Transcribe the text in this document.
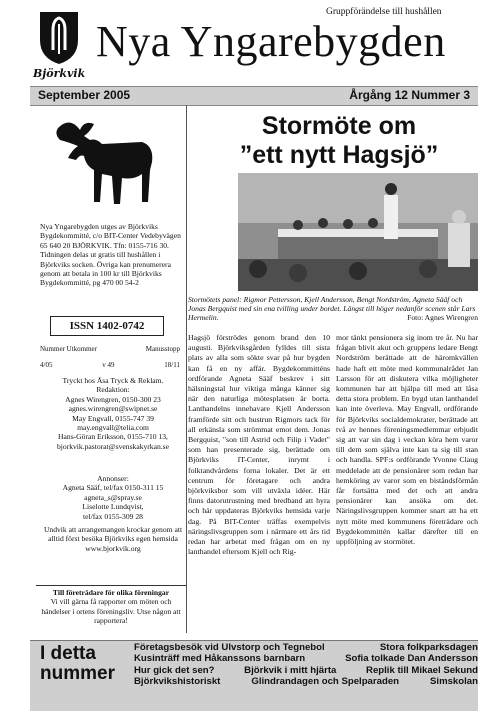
Björkvik
Gruppförändelse till hushållen
Nya Yngarebygden
September 2005	Årgång 12 Nummer 3
Nya Yngarebygden utges av Björkviks Bygdekommitté, c/o BIT-Center Vedebyvägen 65 640 20 BJÖRKVIK. Tfn: 0155-716 30. Tidningen delas ut gratis till hushållen i Björkviks socken. Övriga kan prenumerera genom att betala in 100 kr till Björkviks Bygdekommitté, pg 470 00 54-2
ISSN 1402-0742
Nummer Utkommer	Manusstopp
4/05	v 49	18/11
Tryckt hos Åsa Tryck & Reklam.
Redaktion:
Agnes Wirengren, 0150-300 23
agnes.wirengren@swipnet.se
May Engvall, 0155-747 39
may.engvall@telia.com
Hans-Göran Eriksson, 0155-710 13,
bjorkvik.pastorat@svenskakyrkan.se
Annonser:
Agneta Sääf, tel/fax 0150-311 15
agneta_s@spray.se
Liselotte Lundqvist,
tel/fax 0155-309 28
Undvik att arrangemangen krockar genom att alltid först besöka Björkviks egen hemsida www.bjorkvik.org
Till företrädare för olika föreningar
Vi vill gärna få rapporter om möten och händelser i ortens föreningsliv. Utse någon att rapportera!
Stormöte om
”ett nytt Hagsjö”
Stormötets panel: Rigmor Pettersson, Kjell Andersson, Bengt Nordström, Agneta Sääf och Jonas Bergquist med sin ena tvilling under bordet. Längst till höger nedanför scenen står Lars Hermelin.	Foto: Agnes Wirengren
Hagsjö förströdes genom brand den 10 augusti. Björkviksgården fylldes till sista plats av alla som sökte svar på hur bygden kan få en ny affär. Bygdekommitténs ordförande Agneta Sääf beskrev i sitt hälsningstal hur viktiga många känner sig när den naturliga mötesplatsen är borta. Lanthandelns innehavare Kjell Andersson framförde sitt och hustrun Rigmors tack för all erkänsla som strömmat emot dem. Jonas Bergquist, "son till Astrid och Filip i Vadet" som han presenterade sig, berättade om Björkviks IT-Center, inrymt i folktandvårdens forna lokaler. Det är ett centrum för företagare och andra björkviksbor som vill utväxla idéer. Här finns datorutrustning med bredband att hyra och här uppdateras Björkviks hemsida varje dag. På BIT-Center träffas exempelvis näringslivsgruppen som i närmare ett års tid redan har arbetat med frågan om en ny lanthandel eftersom Kjell och Rig-
mor tänkt pensionera sig inom tre år. Nu har frågan blivit akut och gruppens ledare Bengt Nordström berättade att de häromkvällen hade haft ett möte med kommunalrådet Jan Larsson för att diskutera vilka möjligheter kommunen har att hjälpa till med att låsa detta stora problem. En bygd utan lanthandel kan inte överleva. May Engvall, ordförande för Björkviks socialdemokrater, berättade att två av hennes föreningsmedlemmar erbjudit sig att var sin dag i veckan köra hem varor till dem som själva inte kan ta sig till stan och handla. SPF:s ordförande Yvonne Claug meddelade att de pensionärer som redan har hemköring av varor som en biståndsförmån får fortsätta med det och att andra pensionärer kan ansöka om det. Näringslivsgruppen kommer snart att ha ett nytt möte med kommunens företrädare och Bygdekommittén kallar därefter till en uppföljning av stormötet.
I detta
nummer
Företagsbesök vid Ulvstorp och Tegnebol	Stora folkparksdagen
Kusinträff med Håkanssons barnbarn	Sofia tolkade Dan Andersson
Hur gick det sen?	Björkvik i mitt hjärta	Replik till Mikael Sekund
Björkvikshistoriskt	Glindrandagen och Spelparaden	Simskolan
